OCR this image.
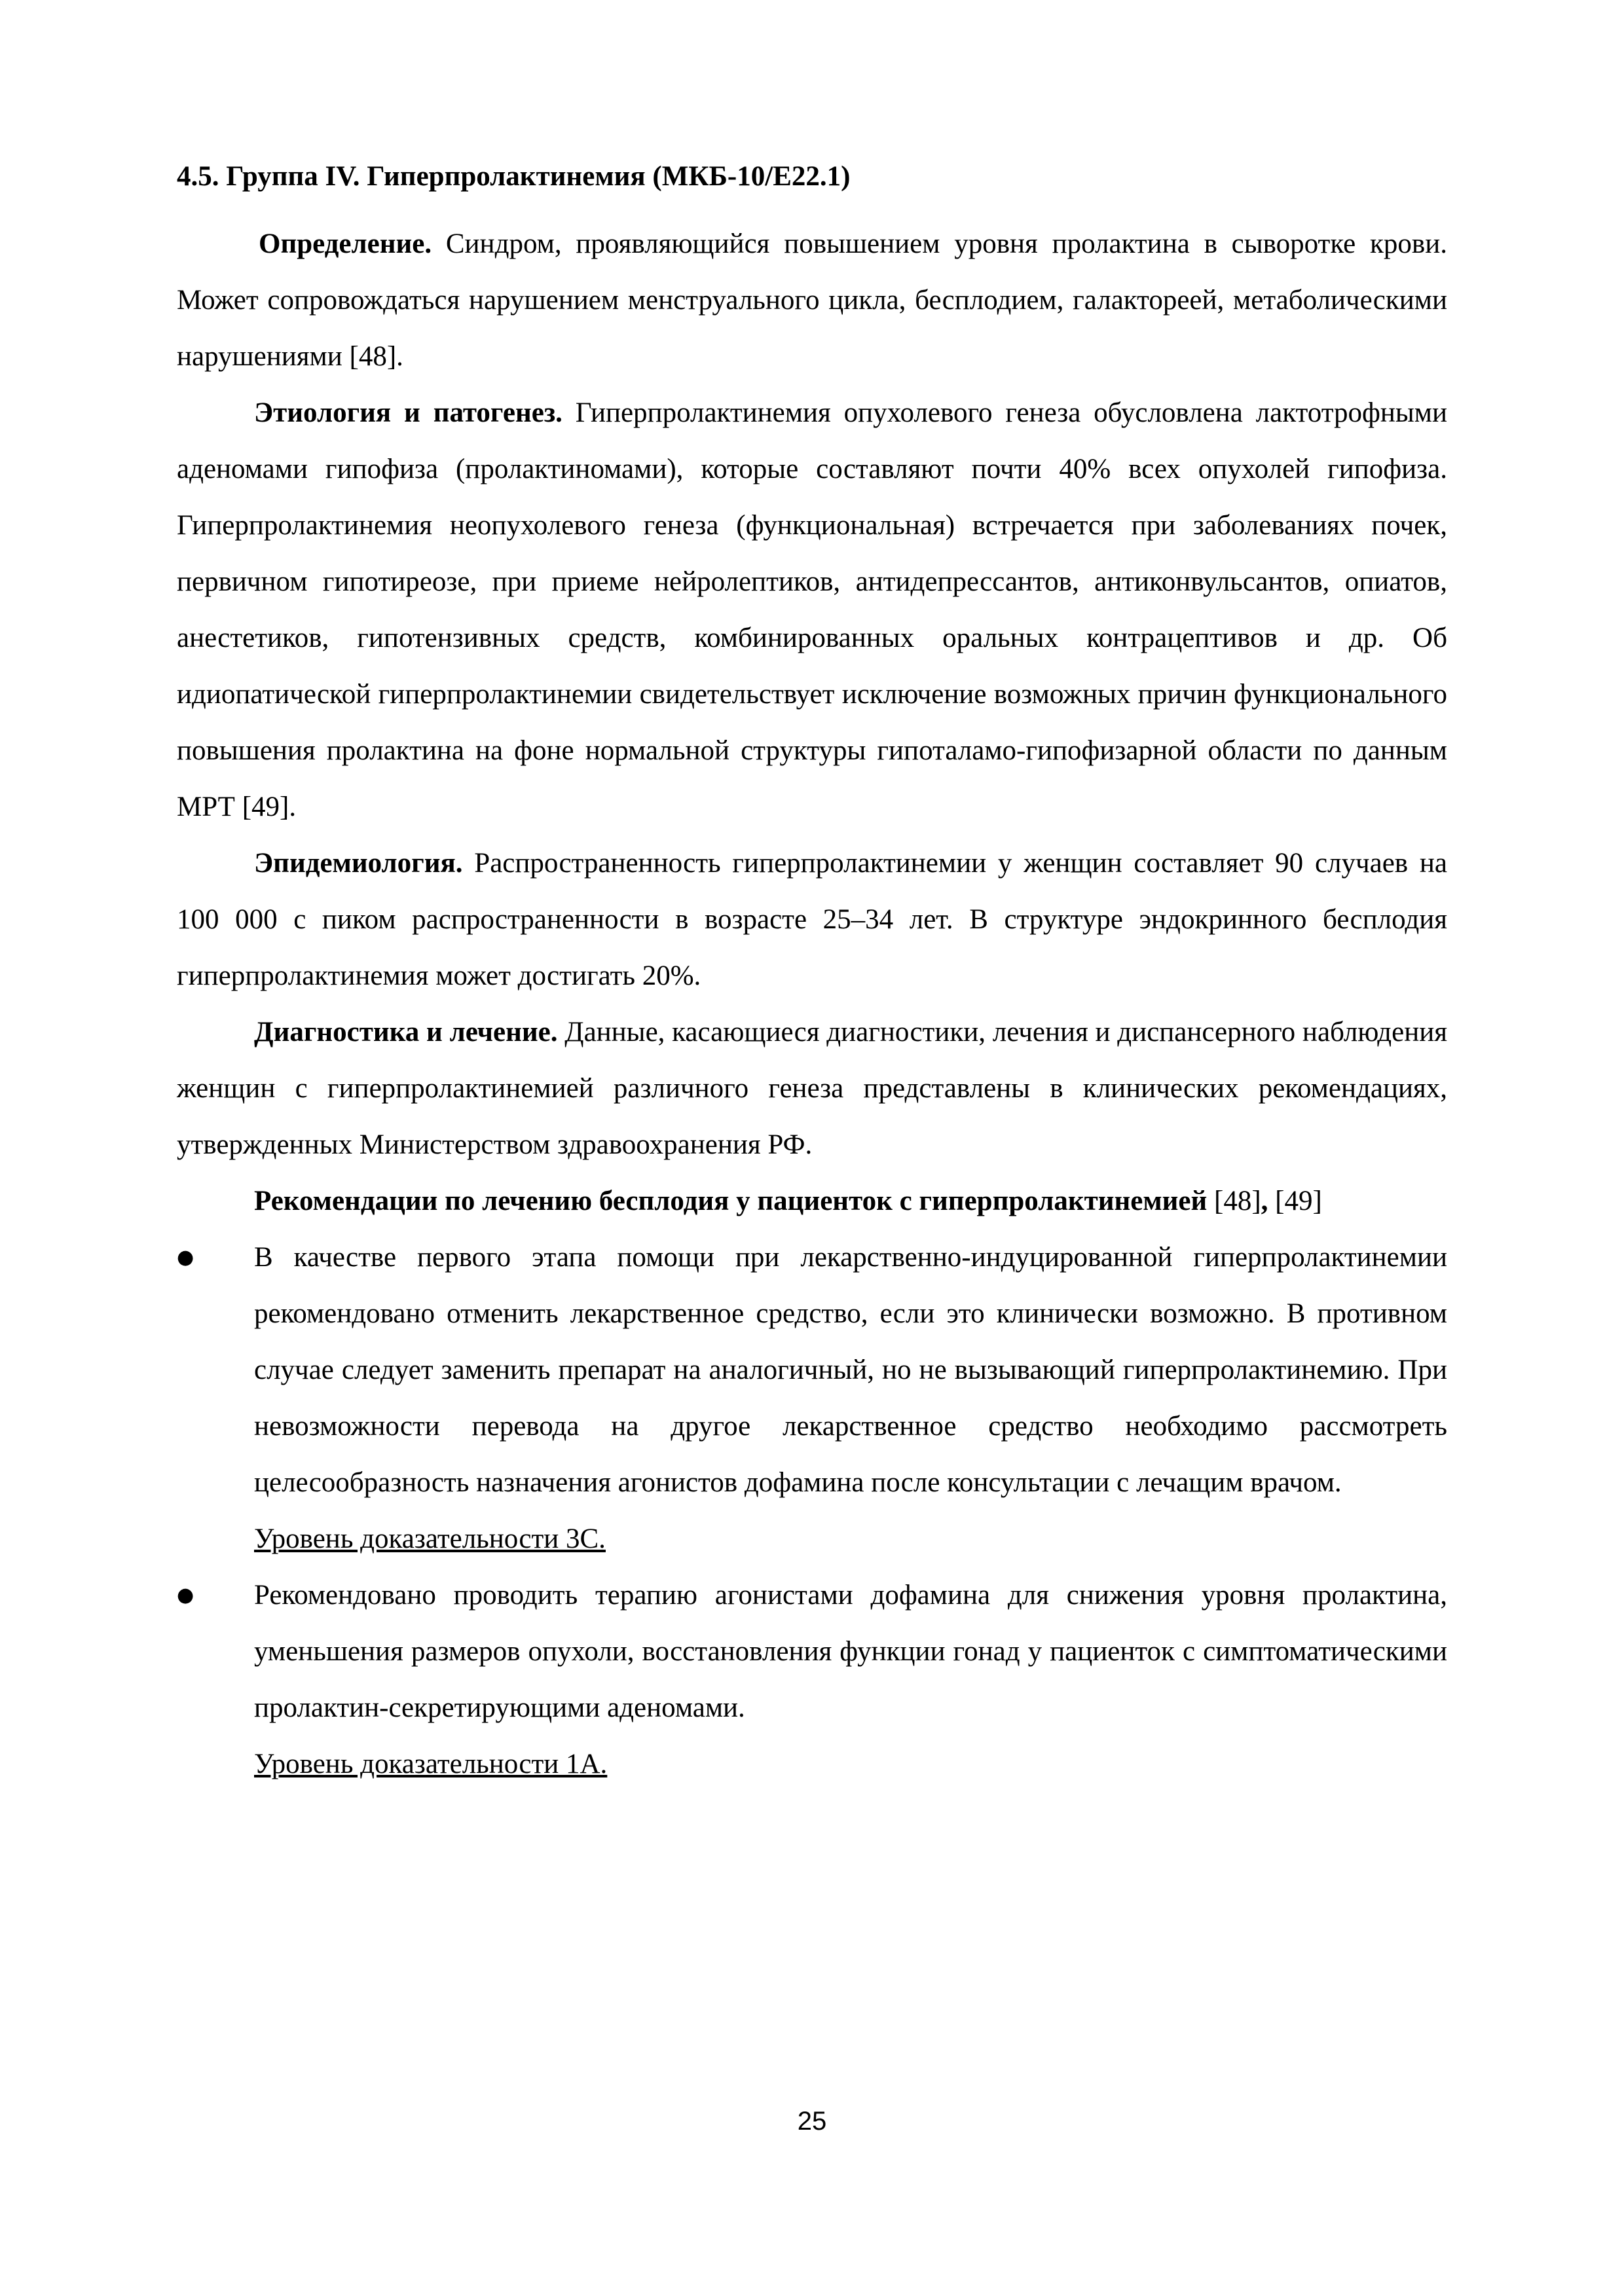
4.5. Группа IV. Гиперпролактинемия (МКБ-10/Е22.1)

Определение. Синдром, проявляющийся повышением уровня пролактина в сыворотке крови. Может сопровождаться нарушением менструального цикла, бесплодием, галактореей, метаболическими нарушениями [48].

Этиология и патогенез. Гиперпролактинемия опухолевого генеза обусловлена лактотрофными аденомами гипофиза (пролактиномами), которые составляют почти 40% всех опухолей гипофиза. Гиперпролактинемия неопухолевого генеза (функциональная) встречается при заболеваниях почек, первичном гипотиреозе, при приеме нейролептиков, антидепрессантов, антиконвульсантов, опиатов, анестетиков, гипотензивных средств, комбинированных оральных контрацептивов и др. Об идиопатической гиперпролактинемии свидетельствует исключение возможных причин функционального повышения пролактина на фоне нормальной структуры гипоталамо-гипофизарной области по данным МРТ [49].

Эпидемиология. Распространенность гиперпролактинемии у женщин составляет 90 случаев на 100 000 с пиком распространенности в возрасте 25–34 лет. В структуре эндокринного бесплодия гиперпролактинемия может достигать 20%.

Диагностика и лечение. Данные, касающиеся диагностики, лечения и диспансерного наблюдения женщин с гиперпролактинемией различного генеза представлены в клинических рекомендациях, утвержденных Министерством здравоохранения РФ.

Рекомендации по лечению бесплодия у пациенток с гиперпролактинемией [48], [49]

●	В качестве первого этапа помощи при лекарственно-индуцированной гиперпролактинемии рекомендовано отменить лекарственное средство, если это клинически возможно. В противном случае следует заменить препарат на аналогичный, но не вызывающий гиперпролактинемию. При невозможности перевода на другое лекарственное средство необходимо рассмотреть целесообразность назначения агонистов дофамина после консультации с лечащим врачом.

Уровень доказательности 3С.

●	Рекомендовано проводить терапию агонистами дофамина для снижения уровня пролактина, уменьшения размеров опухоли, восстановления функции гонад у пациенток с симптоматическими пролактин-секретирующими аденомами.

Уровень доказательности 1А.

25
